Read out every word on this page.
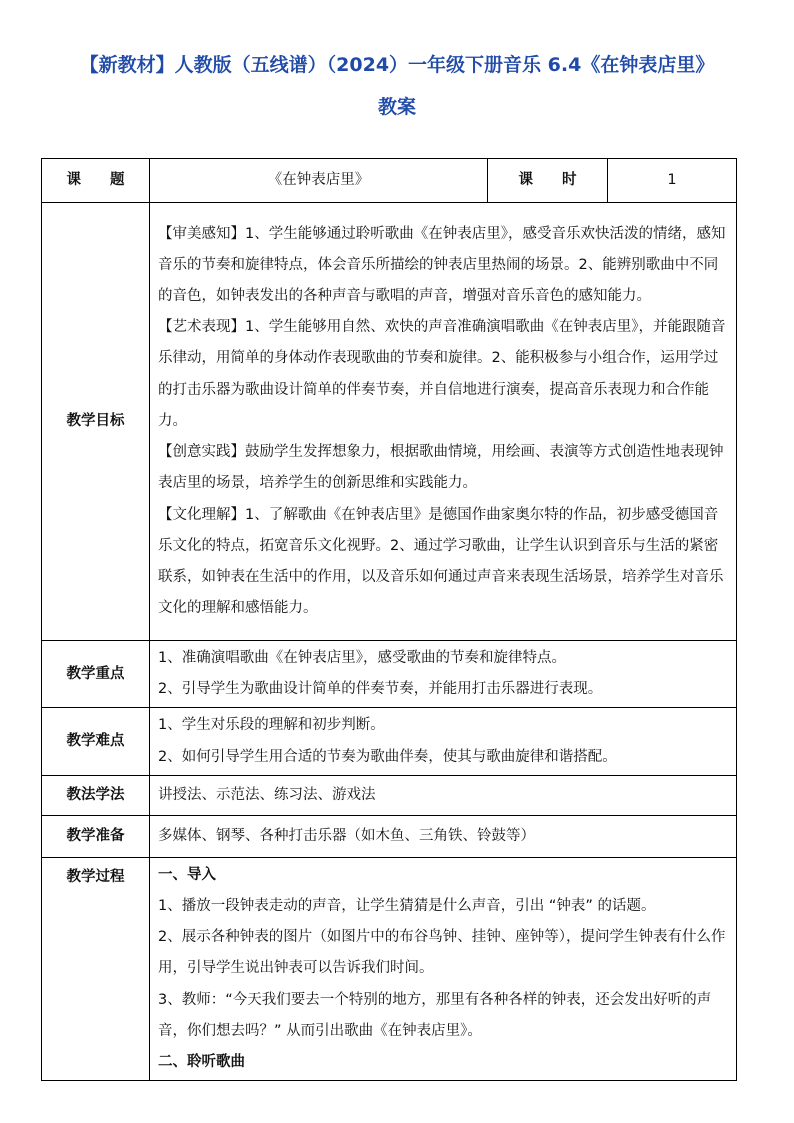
【新教材】人教版（五线谱）（2024）一年级下册音乐 6.4《在钟表店里》
教案
课　　题	《在钟表店里》	课　　时	1
教学目标	【审美感知】1、学生能够通过聆听歌曲《在钟表店里》，感受音乐欢快活泼的情绪，感知音乐的节奏和旋律特点，体会音乐所描绘的钟表店里热闹的场景。2、能辨别歌曲中不同的音色，如钟表发出的各种声音与歌唱的声音，增强对音乐音色的感知能力。

【艺术表现】1、学生能够用自然、欢快的声音准确演唱歌曲《在钟表店里》，并能跟随音乐律动，用简单的身体动作表现歌曲的节奏和旋律。2、能积极参与小组合作，运用学过的打击乐器为歌曲设计简单的伴奏节奏，并自信地进行演奏，提高音乐表现力和合作能力。

【创意实践】鼓励学生发挥想象力，根据歌曲情境，用绘画、表演等方式创造性地表现钟表店里的场景，培养学生的创新思维和实践能力。

【文化理解】1、了解歌曲《在钟表店里》是德国作曲家奥尔特的作品，初步感受德国音乐文化的特点，拓宽音乐文化视野。2、通过学习歌曲，让学生认识到音乐与生活的紧密联系，如钟表在生活中的作用，以及音乐如何通过声音来表现生活场景，培养学生对音乐文化的理解和感悟能力。		

教学重点	1、准确演唱歌曲《在钟表店里》，感受歌曲的节奏和旋律特点。

2、引导学生为歌曲设计简单的伴奏节奏，并能用打击乐器进行表现。		

教学难点	1、学生对乐段的理解和初步判断。

2、如何引导学生用合适的节奏为歌曲伴奏，使其与歌曲旋律和谐搭配。		

教法学法	讲授法、示范法、练习法、游戏法		
教学准备	多媒体、钢琴、各种打击乐器（如木鱼、三角铁、铃鼓等）		
教学过程	一、导入

1、播放一段钟表走动的声音，让学生猜猜是什么声音，引出 “钟表” 的话题。

2、展示各种钟表的图片（如图片中的布谷鸟钟、挂钟、座钟等），提问学生钟表有什么作用，引导学生说出钟表可以告诉我们时间。

3、教师：“今天我们要去一个特别的地方，那里有各种各样的钟表，还会发出好听的声音，你们想去吗？” 从而引出歌曲《在钟表店里》。

二、聆听歌曲		
